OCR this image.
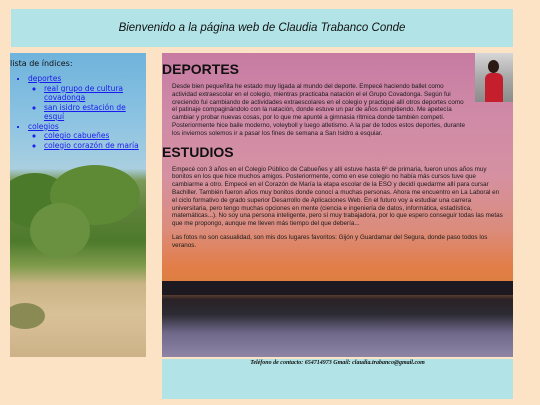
Bienvenido a la página web de Claudia Trabanco Conde
lista de índices:
• deportes
◦ real grupo de cultura covadonga
◦ san isidro estación de esquí
• colegios
◦ colegio cabueñes
◦ colegio corazón de maría
DEPORTES

Desde bien pequeñita he estado muy ligada al mundo del deporte. Empecé haciendo ballet como actividad extraescolar en el colegio, mientras practicaba natación el el Grupo Covadonga. Según fui creciendo fui cambiando de actividades extraescolares en el colegio y practiqué allí otros deportes como el patinaje compaginándolo con la natación, donde estuve un par de años compitiendo. Me apetecía cambiar y probar nuevas cosas, por lo que me apunté a gimnasia rítmica donde también competí. Posteriormente hice baile moderno, voleyboll y luego atletismo. A la par de todos estos deportes, durante los inviernos solemos ir a pasar los fines de semana a San Isidro a esquiar.

ESTUDIOS

Empecé con 3 años en el Colegio Público de Cabueñes y allí estuve hasta 6º de primaria, fueron unos años muy bonitos en los que hice muchos amigos. Posteriormente, como en ese colegio no había más cursos tuve que cambiarme a otro. Empecé en el Corazón de María la etapa escolar de la ESO y decidí quedarme allí para cursar Bachiller. También fueron años muy bonitos donde conocí a muchas personas. Ahora me encuentro en La Laboral en el ciclo formativo de grado superior Desarrollo de Aplicaciones Web. En el futuro voy a estudiar una carrera universitaria, pero tengo muchas opciones en mente (ciencia e ingeniería de datos, informática, estadística, matemáticas...). No soy una persona inteligente, pero sí muy trabajadora, por lo que espero conseguir todas las metas que me propongo, aunque me lleven más tiempo del que debería...

Las fotos no son casualidad, son mis dos lugares favoritos: Gijón y Guardamar del Segura, donde paso todos los veranos.

Teléfono de contacto: 654714973 Gmail: claudia.trabanco@gmail.com
